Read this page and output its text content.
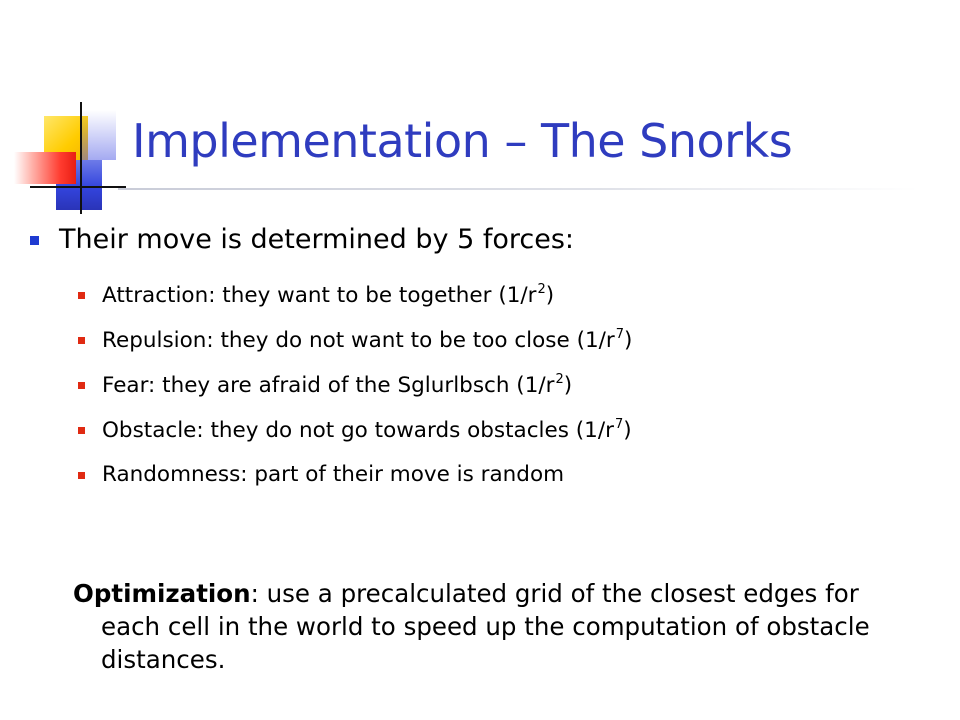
Implementation – The Snorks
Their move is determined by 5 forces:
Attraction: they want to be together $(1/r^2)$
Repulsion: they do not want to be too close $(1/r^7)$
Fear: they are afraid of the Sglurlbsch $(1/r^2)$
Obstacle: they do not go towards obstacles $(1/r^7)$
Randomness: part of their move is random

Optimization: use a precalculated grid of the closest edges for each cell in the world to speed up the computation of obstacle distances.
